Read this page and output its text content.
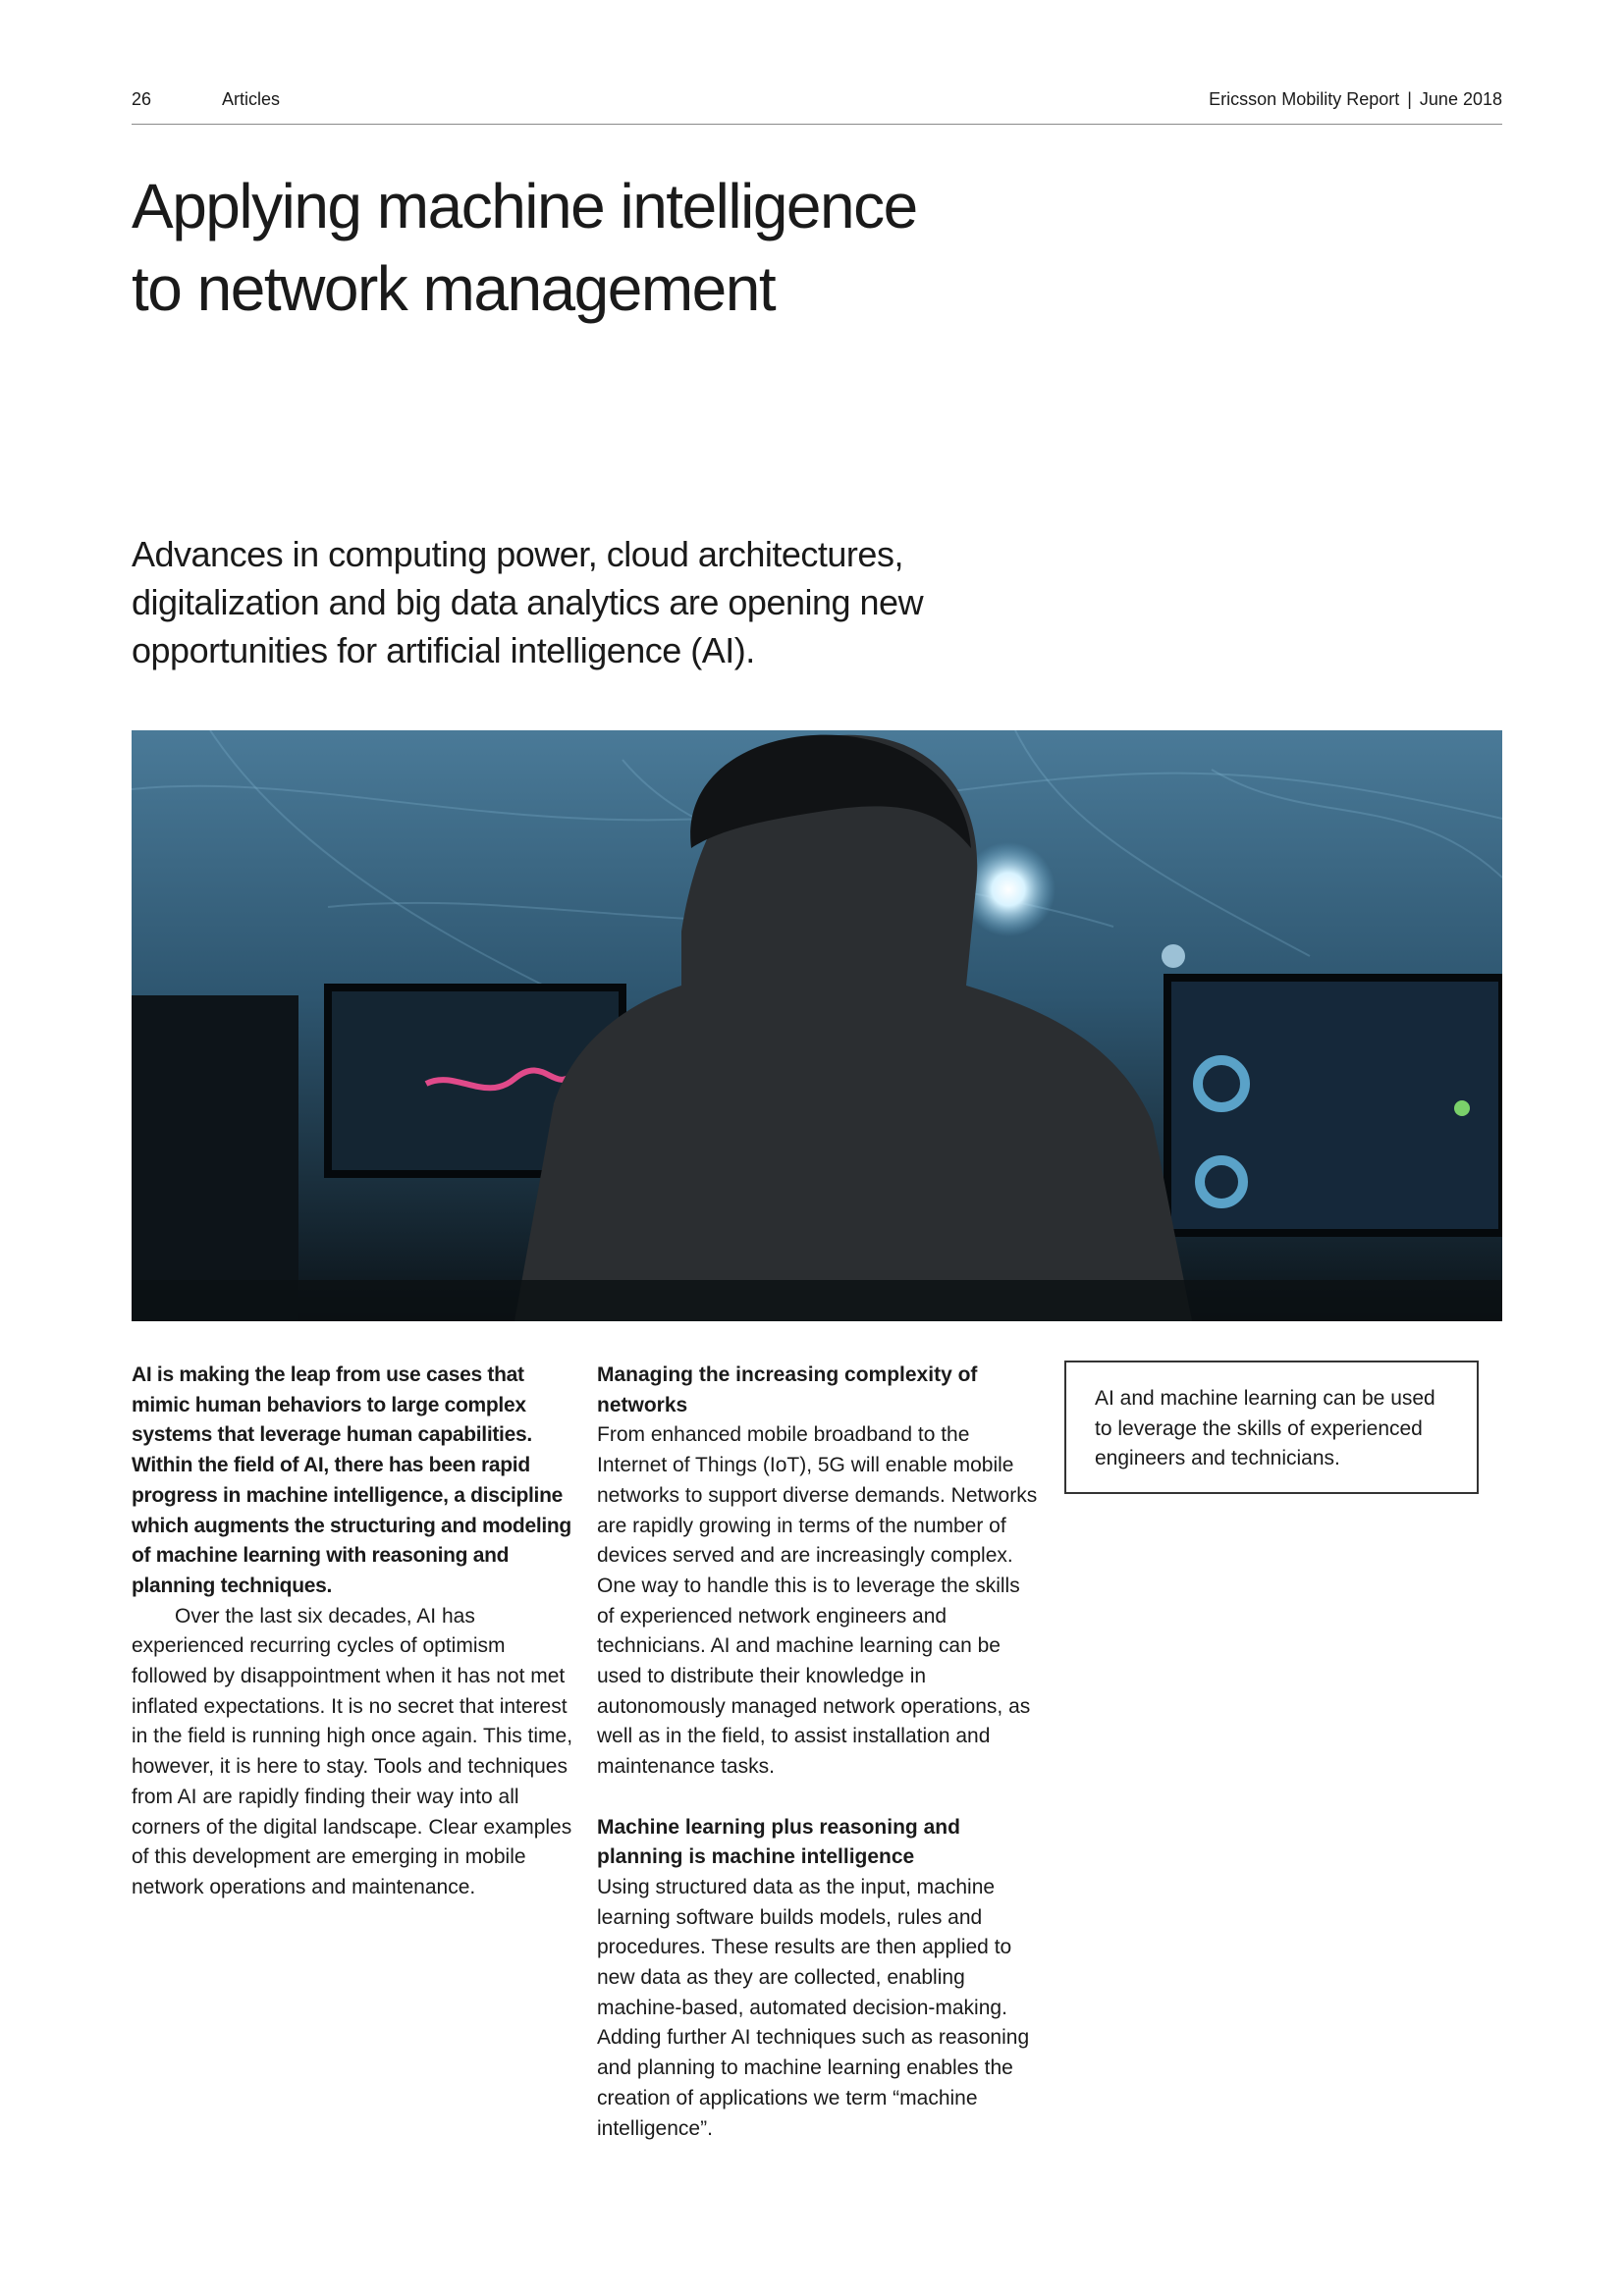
26	Articles	Ericsson Mobility Report | June 2018
Applying machine intelligence
to network management

Advances in computing power, cloud architectures, digitalization and big data analytics are opening new opportunities for artificial intelligence (AI).

AI is making the leap from use cases that mimic human behaviors to large complex systems that leverage human capabilities. Within the field of AI, there has been rapid progress in machine intelligence, a discipline which augments the structuring and modeling of machine learning with reasoning and planning techniques.

Over the last six decades, AI has experienced recurring cycles of optimism followed by disappointment when it has not met inflated expectations. It is no secret that interest in the field is running high once again. This time, however, it is here to stay. Tools and techniques from AI are rapidly finding their way into all corners of the digital landscape. Clear examples of this development are emerging in mobile network operations and maintenance.

Managing the increasing complexity of networks

From enhanced mobile broadband to the Internet of Things (IoT), 5G will enable mobile networks to support diverse demands. Networks are rapidly growing in terms of the number of devices served and are increasingly complex. One way to handle this is to leverage the skills of experienced network engineers and technicians. AI and machine learning can be used to distribute their knowledge in autonomously managed network operations, as well as in the field, to assist installation and maintenance tasks.

Machine learning plus reasoning and planning is machine intelligence

Using structured data as the input, machine learning software builds models, rules and procedures. These results are then applied to new data as they are collected, enabling machine-based, automated decision-making. Adding further AI techniques such as reasoning and planning to machine learning enables the creation of applications we term “machine intelligence”.

AI and machine learning can be used to leverage the skills of experienced engineers and technicians.
